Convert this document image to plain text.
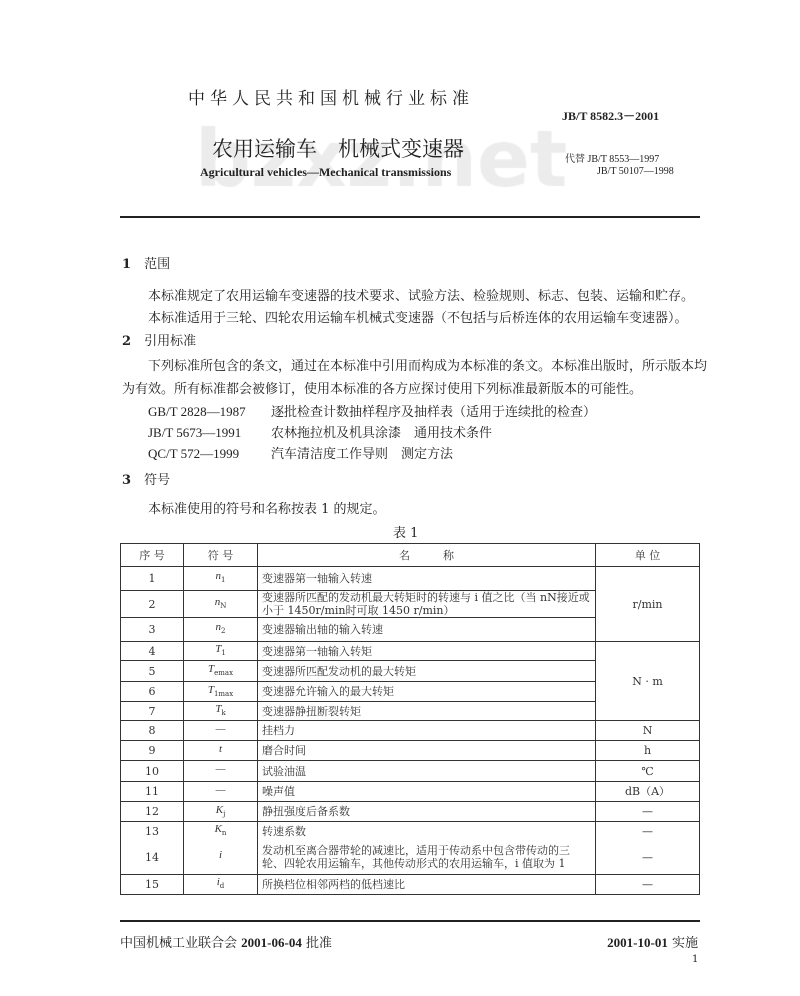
中华人民共和国机械行业标准
JB/T 8582.3－2001
农用运输车　机械式变速器
Agricultural vehicles—Mechanical transmissions
代替 JB/T 8553—1997
JB/T 50107—1998
1　 范围
本标准规定了农用运输车变速器的技术要求、试验方法、检验规则、标志、包装、运输和贮存。
本标准适用于三轮、四轮农用运输车机械式变速器（不包括与后桥连体的农用运输车变速器）。
2　 引用标准
下列标准所包含的条文，通过在本标准中引用而构成为本标准的条文。本标准出版时，所示版本均
为有效。所有标准都会被修订，使用本标准的各方应探讨使用下列标准最新版本的可能性。
GB/T 2828—1987 逐批检查计数抽样程序及抽样表（适用于连续批的检查）
JB/T 5673—1991 农林拖拉机及机具涂漆　通用技术条件
QC/T 572—1999 汽车清洁度工作导则　测定方法
3　 符号
本标准使用的符号和名称按表 1 的规定。
表 1
序 号	符 号	名　　　称	单 位
1	$n_1$	变速器第一轴输入转速	r/min
2	$n_N$	变速器所匹配的发动机最大转矩时的转速与 i 值之比（当 nN接近或小于 1450r/min时可取 1450 r/min）	
3	$n_2$	变速器输出轴的输入转速	
4	$T_1$	变速器第一轴输入转矩	N · m
5	$T_{emax}$	变速器所匹配发动机的最大转矩	
6	$T_{1max}$	变速器允许输入的最大转矩	
7	$T_k$	变速器静扭断裂转矩	
8	—	挂档力	N
9	t	磨合时间	h
10	—	试验油温	℃
11	—	噪声值	dB（A）
12	$K_j$	静扭强度后备系数	—
13	$K_n$	转速系数	—
14	i	发动机至离合器带轮的减速比，适用于传动系中包含带传动的三轮、四轮农用运输车，其他传动形式的农用运输车，i 值取为 1	—
15	$i_d$	所换档位相邻两档的低档速比	—
中国机械工业联合会 2001-06-04 批准	2001-10-01 实施
1
